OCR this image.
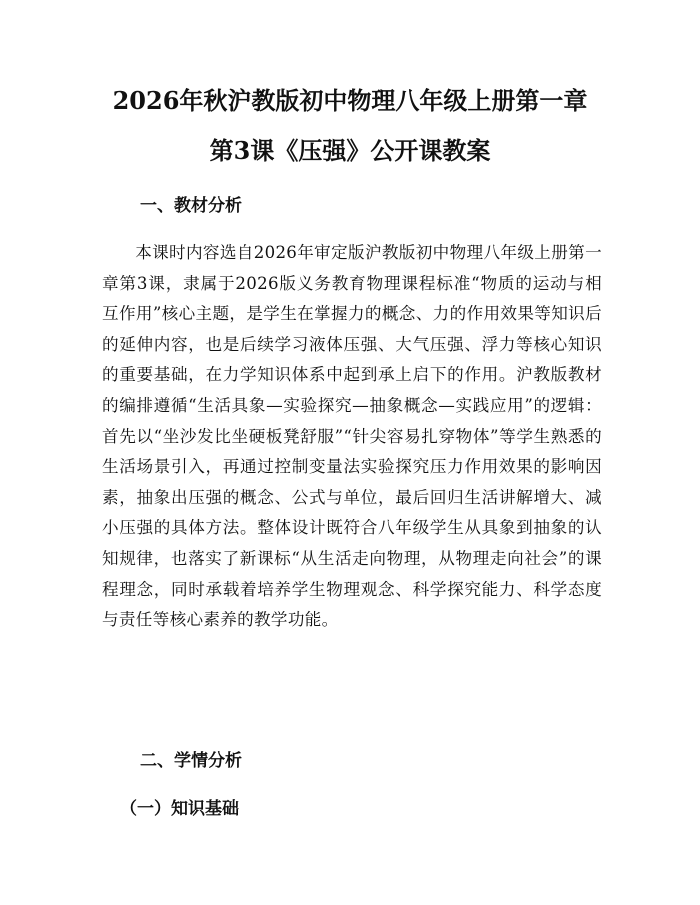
2026年秋沪教版初中物理八年级上册第一章
第3课《压强》公开课教案
一、教材分析

本课时内容选自2026年审定版沪教版初中物理八年级上册第一章第3课，隶属于2026版义务教育物理课程标准“物质的运动与相互作用”核心主题，是学生在掌握力的概念、力的作用效果等知识后的延伸内容，也是后续学习液体压强、大气压强、浮力等核心知识的重要基础，在力学知识体系中起到承上启下的作用。沪教版教材的编排遵循“生活具象—实验探究—抽象概念—实践应用”的逻辑：首先以“坐沙发比坐硬板凳舒服”“针尖容易扎穿物体”等学生熟悉的生活场景引入，再通过控制变量法实验探究压力作用效果的影响因素，抽象出压强的概念、公式与单位，最后回归生活讲解增大、减小压强的具体方法。整体设计既符合八年级学生从具象到抽象的认知规律，也落实了新课标“从生活走向物理，从物理走向社会”的课程理念，同时承载着培养学生物理观念、科学探究能力、科学态度与责任等核心素养的教学功能。

二、学情分析
（一）知识基础
